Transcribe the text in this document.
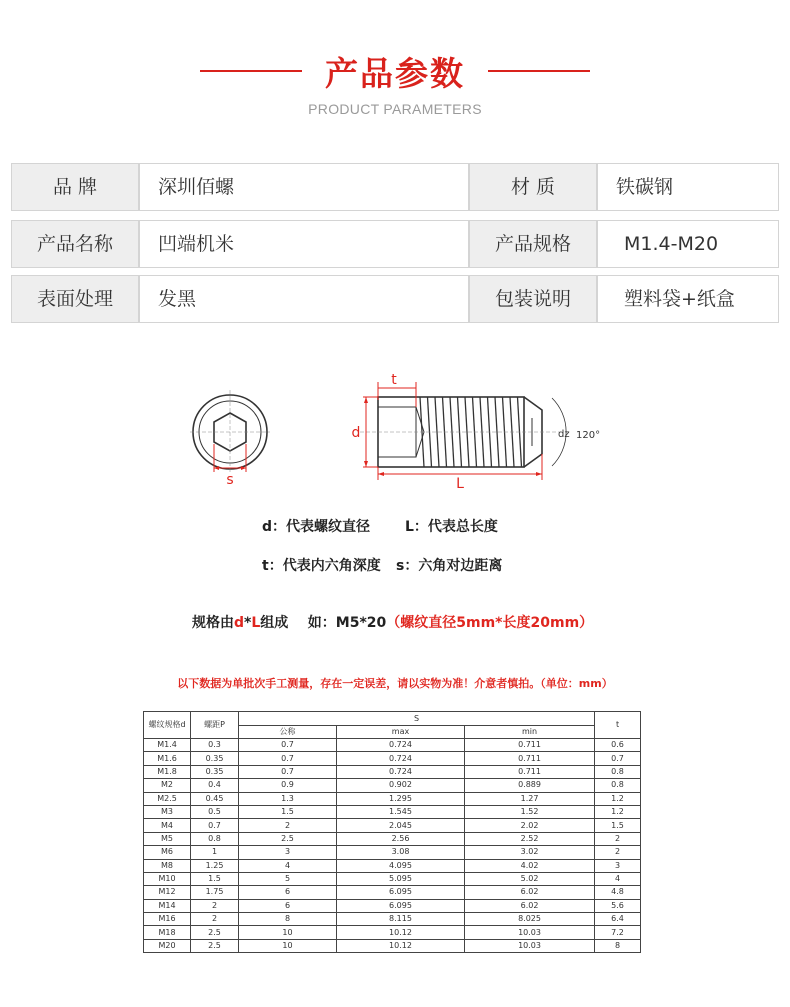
产品参数
PRODUCT PARAMETERS
品 牌	深圳佰螺	材 质	铁碳钢
产品名称	凹端机米	产品规格	M1.4-M20
表面处理	发黑	包装说明	塑料袋+纸盒
s
t
d
L
dz 120°
d：代表螺纹直径 L：代表总长度
t：代表内六角深度 s：六角对边距离
规格由d*L组成    如：M5*20（螺纹直径5mm*长度20mm）
以下数据为单批次手工测量，存在一定误差，请以实物为准！介意者慎拍。（单位：mm）
螺纹规格d	螺距P	S			t
		公称	max	min	
M1.4	0.3	0.7	0.724	0.711	0.6
M1.6	0.35	0.7	0.724	0.711	0.7
M1.8	0.35	0.7	0.724	0.711	0.8
M2	0.4	0.9	0.902	0.889	0.8
M2.5	0.45	1.3	1.295	1.27	1.2
M3	0.5	1.5	1.545	1.52	1.2
M4	0.7	2	2.045	2.02	1.5
M5	0.8	2.5	2.56	2.52	2
M6	1	3	3.08	3.02	2
M8	1.25	4	4.095	4.02	3
M10	1.5	5	5.095	5.02	4
M12	1.75	6	6.095	6.02	4.8
M14	2	6	6.095	6.02	5.6
M16	2	8	8.115	8.025	6.4
M18	2.5	10	10.12	10.03	7.2
M20	2.5	10	10.12	10.03	8
